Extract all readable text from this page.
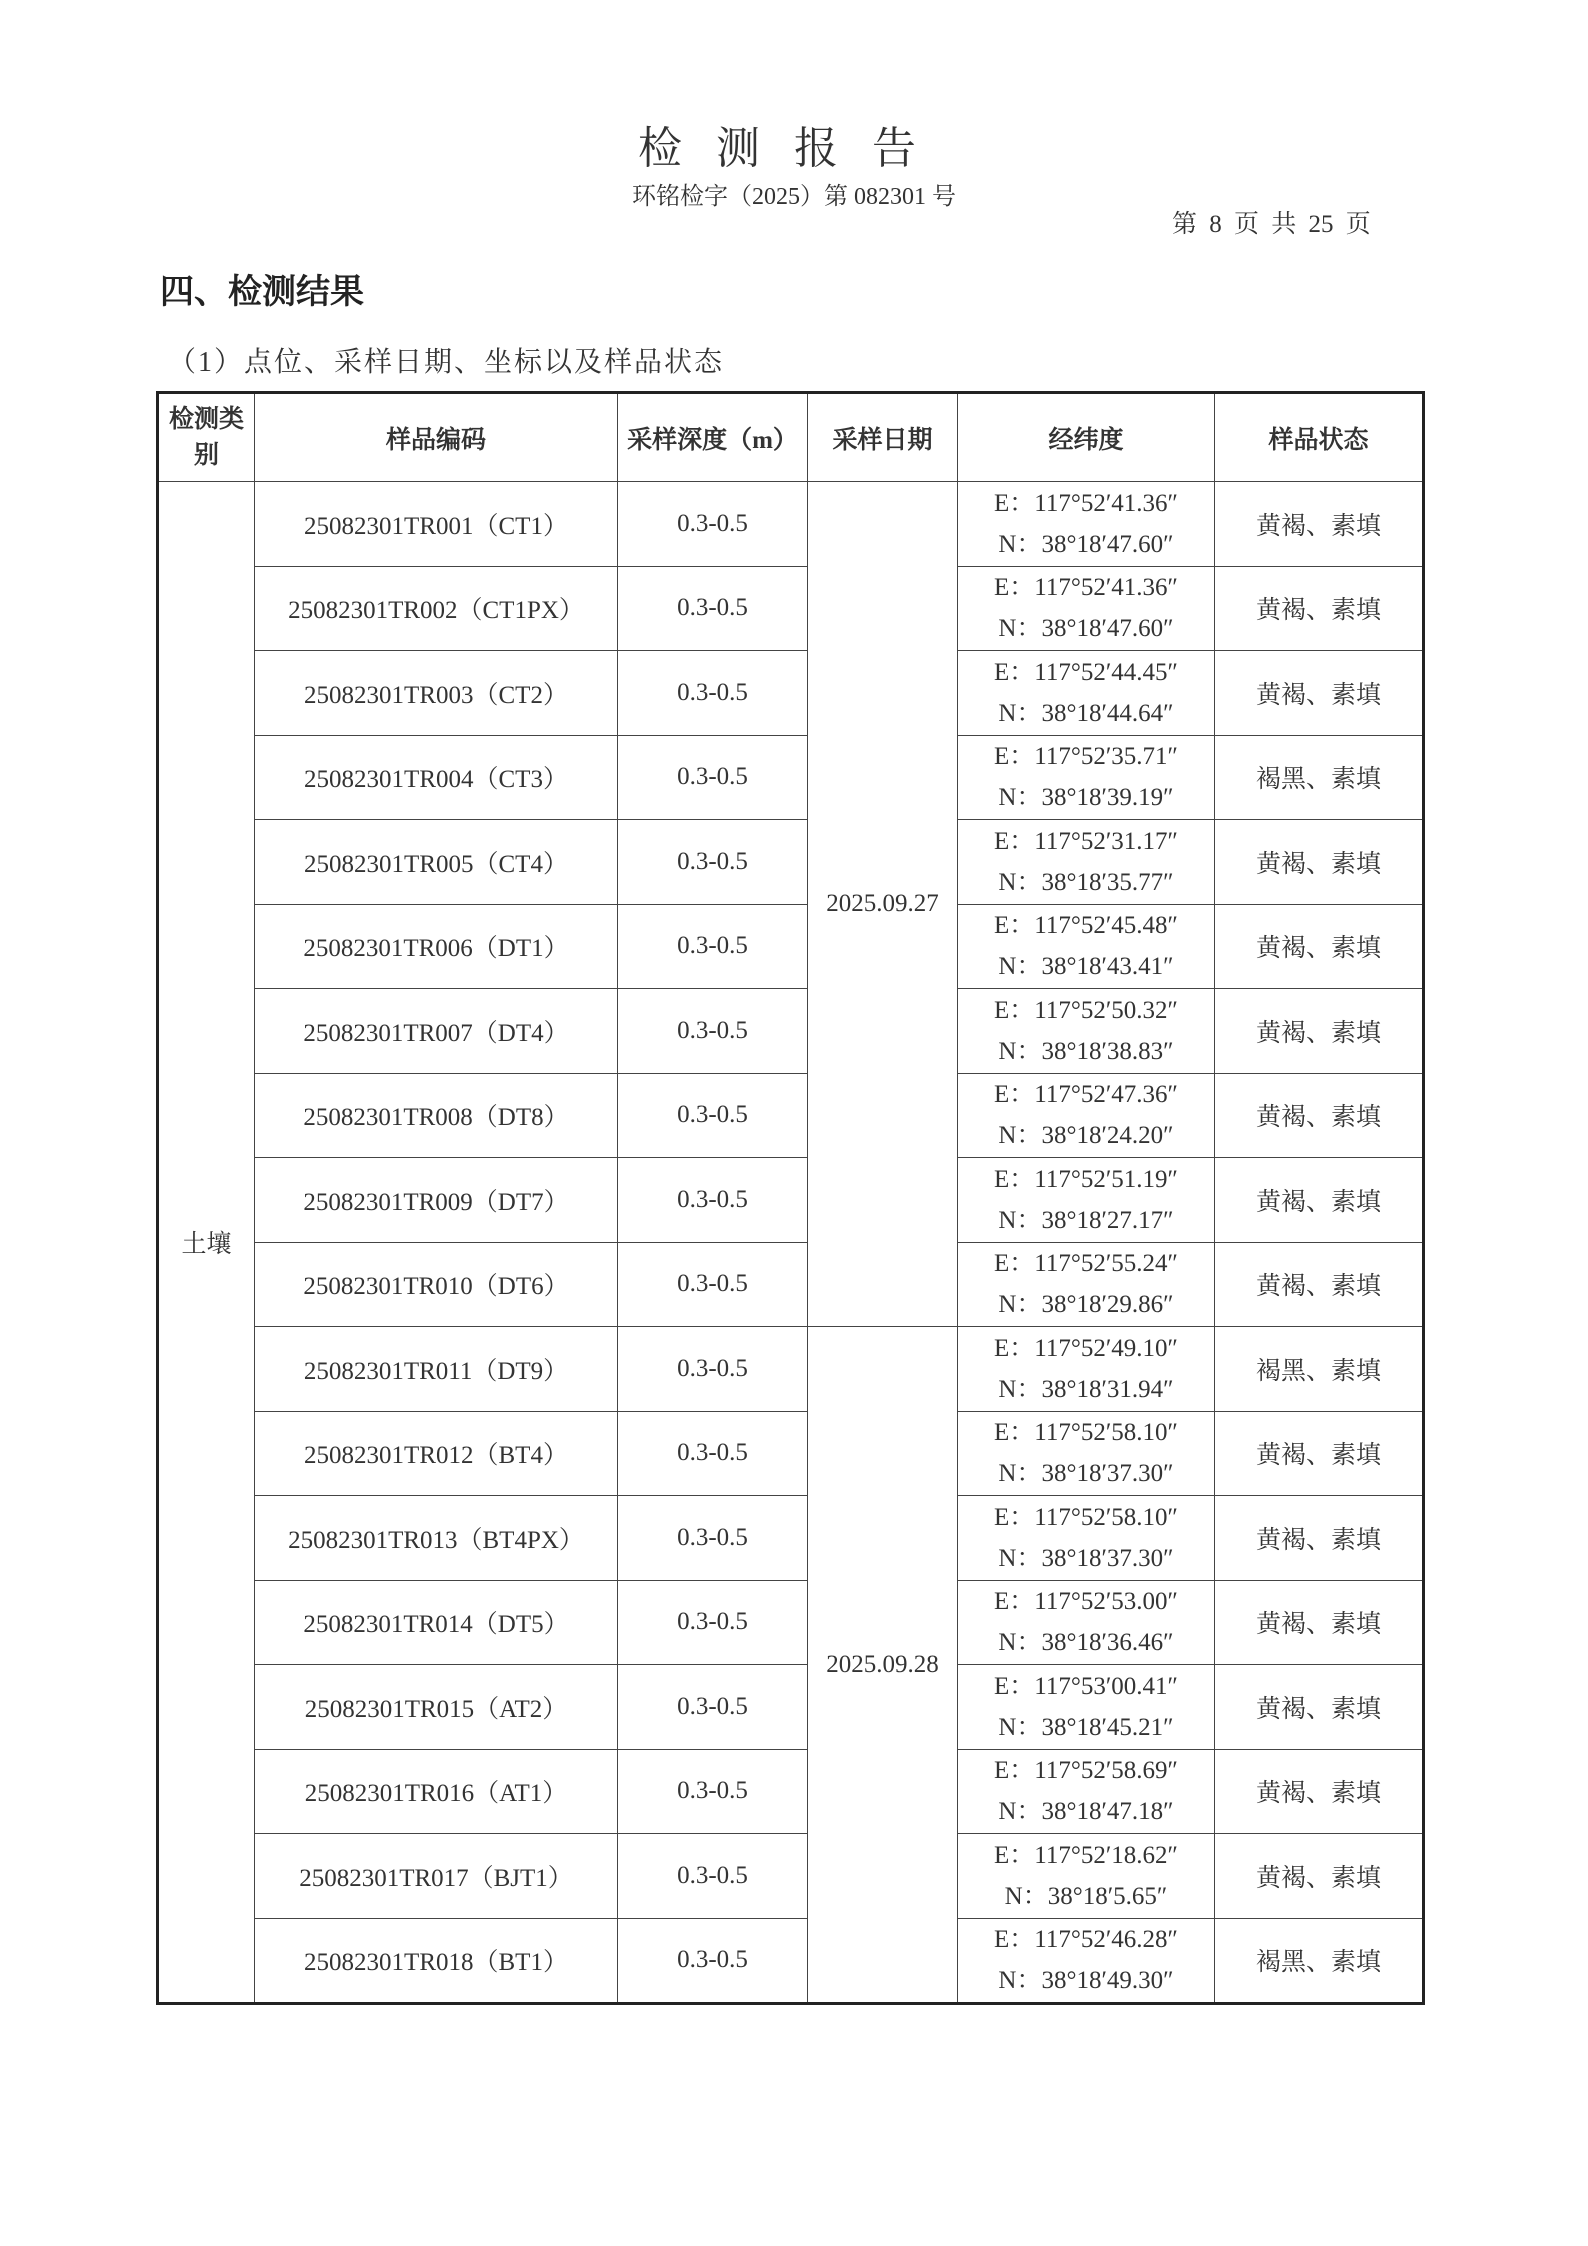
检测报告
环铭检字（2025）第 082301 号
第 8 页 共 25 页
四、检测结果
（1）点位、采样日期、坐标以及样品状态
检测类别	样品编码	采样深度（m）	采样日期	经纬度	样品状态
土壤	25082301TR001（CT1）	0.3-0.5	2025.09.27	E：117°52′41.36″
N：38°18′47.60″	黄褐、素填
	25082301TR002（CT1PX）	0.3-0.5		E：117°52′41.36″
N：38°18′47.60″	黄褐、素填
	25082301TR003（CT2）	0.3-0.5		E：117°52′44.45″
N：38°18′44.64″	黄褐、素填
	25082301TR004（CT3）	0.3-0.5		E：117°52′35.71″
N：38°18′39.19″	褐黑、素填
	25082301TR005（CT4）	0.3-0.5		E：117°52′31.17″
N：38°18′35.77″	黄褐、素填
	25082301TR006（DT1）	0.3-0.5		E：117°52′45.48″
N：38°18′43.41″	黄褐、素填
	25082301TR007（DT4）	0.3-0.5		E：117°52′50.32″
N：38°18′38.83″	黄褐、素填
	25082301TR008（DT8）	0.3-0.5		E：117°52′47.36″
N：38°18′24.20″	黄褐、素填
	25082301TR009（DT7）	0.3-0.5		E：117°52′51.19″
N：38°18′27.17″	黄褐、素填
	25082301TR010（DT6）	0.3-0.5		E：117°52′55.24″
N：38°18′29.86″	黄褐、素填
	25082301TR011（DT9）	0.3-0.5	2025.09.28	E：117°52′49.10″
N：38°18′31.94″	褐黑、素填
	25082301TR012（BT4）	0.3-0.5		E：117°52′58.10″
N：38°18′37.30″	黄褐、素填
	25082301TR013（BT4PX）	0.3-0.5		E：117°52′58.10″
N：38°18′37.30″	黄褐、素填
	25082301TR014（DT5）	0.3-0.5		E：117°52′53.00″
N：38°18′36.46″	黄褐、素填
	25082301TR015（AT2）	0.3-0.5		E：117°53′00.41″
N：38°18′45.21″	黄褐、素填
	25082301TR016（AT1）	0.3-0.5		E：117°52′58.69″
N：38°18′47.18″	黄褐、素填
	25082301TR017（BJT1）	0.3-0.5		E：117°52′18.62″
N：38°18′5.65″	黄褐、素填
	25082301TR018（BT1）	0.3-0.5		E：117°52′46.28″
N：38°18′49.30″	褐黑、素填
